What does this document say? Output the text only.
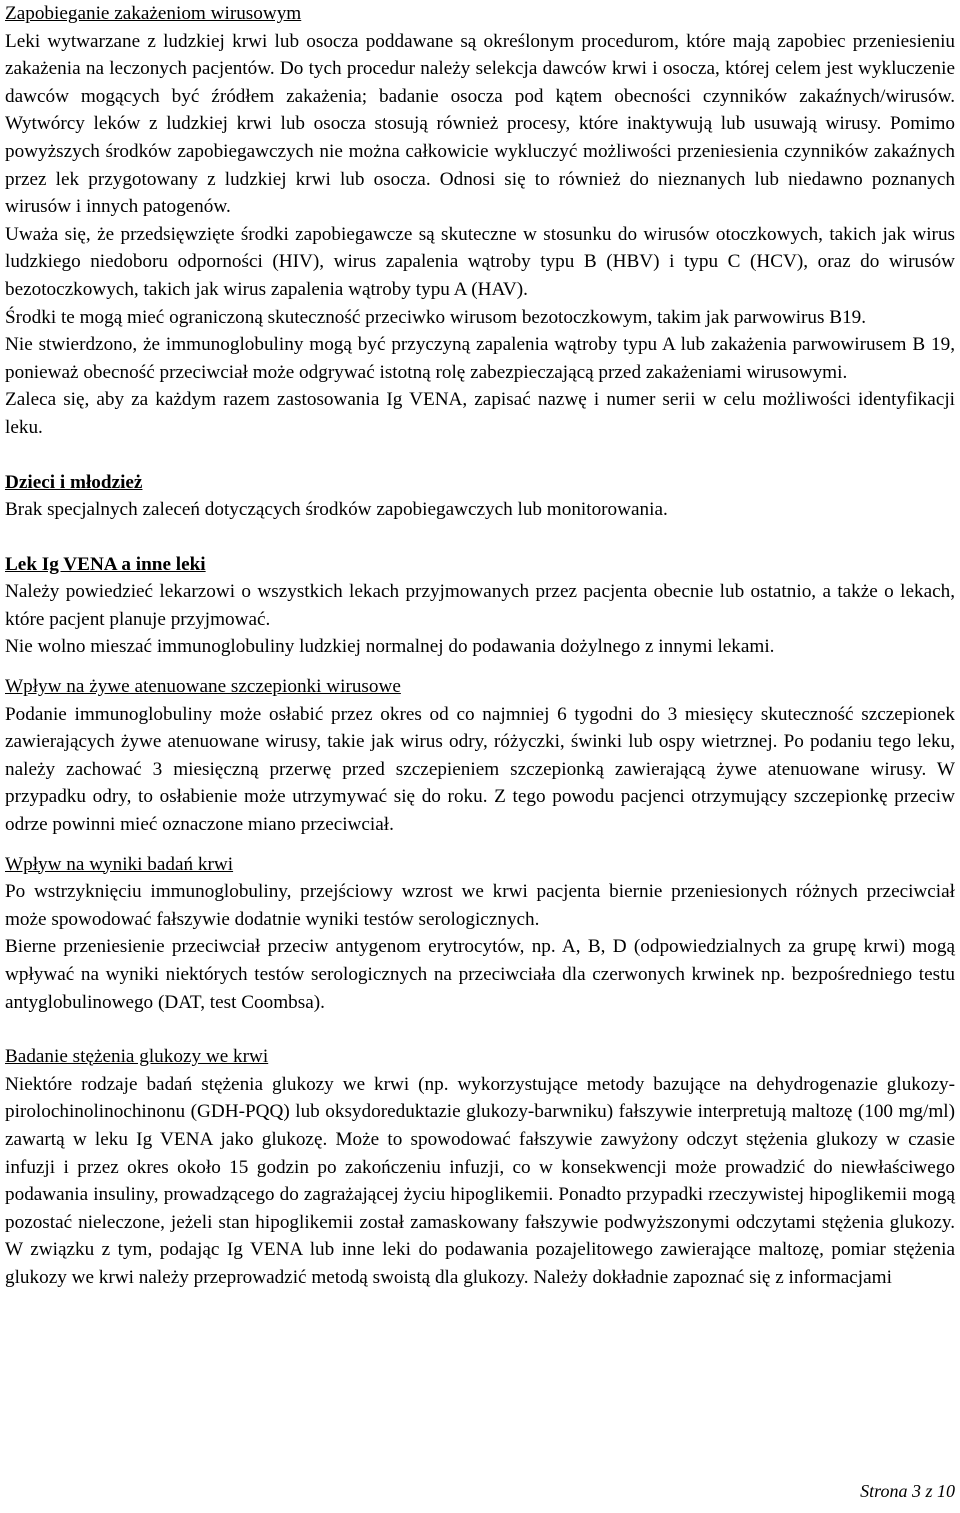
Zapobieganie zakażeniom wirusowym

Leki wytwarzane z ludzkiej krwi lub osocza poddawane są określonym procedurom, które mają zapobiec przeniesieniu zakażenia na leczonych pacjentów. Do tych procedur należy selekcja dawców krwi i osocza, której celem jest wykluczenie dawców mogących być źródłem zakażenia; badanie osocza pod kątem obecności czynników zakaźnych/wirusów. Wytwórcy leków z ludzkiej krwi lub osocza stosują również procesy, które inaktywują lub usuwają wirusy. Pomimo powyższych środków zapobiegawczych nie można całkowicie wykluczyć możliwości przeniesienia czynników zakaźnych przez lek przygotowany z ludzkiej krwi lub osocza. Odnosi się to również do nieznanych lub niedawno poznanych wirusów i innych patogenów.

Uważa się, że przedsięwzięte środki zapobiegawcze są skuteczne w stosunku do wirusów otoczkowych, takich jak wirus ludzkiego niedoboru odporności (HIV), wirus zapalenia wątroby typu B (HBV) i typu C (HCV), oraz do wirusów bezotoczkowych, takich jak wirus zapalenia wątroby typu A (HAV).

Środki te mogą mieć ograniczoną skuteczność przeciwko wirusom bezotoczkowym, takim jak parwowirus B19.

Nie stwierdzono, że immunoglobuliny mogą być przyczyną zapalenia wątroby typu A lub zakażenia parwowirusem B 19, ponieważ obecność przeciwciał może odgrywać istotną rolę zabezpieczającą przed zakażeniami wirusowymi.

Zaleca się, aby za każdym razem zastosowania Ig VENA, zapisać nazwę i numer serii w celu możliwości identyfikacji leku.

Dzieci i młodzież

Brak specjalnych zaleceń dotyczących środków zapobiegawczych lub monitorowania.

Lek Ig VENA a inne leki

Należy powiedzieć lekarzowi o wszystkich lekach przyjmowanych przez pacjenta obecnie lub ostatnio, a także o lekach, które pacjent planuje przyjmować.

Nie wolno mieszać immunoglobuliny ludzkiej normalnej do podawania dożylnego z innymi lekami.

Wpływ na żywe atenuowane szczepionki wirusowe

Podanie immunoglobuliny może osłabić przez okres od co najmniej 6 tygodni do 3 miesięcy skuteczność szczepionek zawierających żywe atenuowane wirusy, takie jak wirus odry, różyczki, świnki lub ospy wietrznej. Po podaniu tego leku, należy zachować 3 miesięczną przerwę przed szczepieniem szczepionką zawierającą żywe atenuowane wirusy. W przypadku odry, to osłabienie może utrzymywać się do roku. Z tego powodu pacjenci otrzymujący szczepionkę przeciw odrze powinni mieć oznaczone miano przeciwciał.

Wpływ na wyniki badań krwi

Po wstrzyknięciu immunoglobuliny, przejściowy wzrost we krwi pacjenta biernie przeniesionych różnych przeciwciał może spowodować fałszywie dodatnie wyniki testów serologicznych.

Bierne przeniesienie przeciwciał przeciw antygenom erytrocytów, np. A, B, D (odpowiedzialnych za grupę krwi) mogą wpływać na wyniki niektórych testów serologicznych na przeciwciała dla czerwonych krwinek np. bezpośredniego testu antyglobulinowego (DAT, test Coombsa).

Badanie stężenia glukozy we krwi

Niektóre rodzaje badań stężenia glukozy we krwi (np. wykorzystujące metody bazujące na dehydrogenazie glukozy-pirolochinolinochinonu (GDH-PQQ) lub oksydoreduktazie glukozy-barwniku) fałszywie interpretują maltozę (100 mg/ml) zawartą w leku Ig VENA jako glukozę. Może to spowodować fałszywie zawyżony odczyt stężenia glukozy w czasie infuzji i przez okres około 15 godzin po zakończeniu infuzji, co w konsekwencji może prowadzić do niewłaściwego podawania insuliny, prowadzącego do zagrażającej życiu hipoglikemii. Ponadto przypadki rzeczywistej hipoglikemii mogą pozostać nieleczone, jeżeli stan hipoglikemii został zamaskowany fałszywie podwyższonymi odczytami stężenia glukozy. W związku z tym, podając Ig VENA lub inne leki do podawania pozajelitowego zawierające maltozę, pomiar stężenia glukozy we krwi należy przeprowadzić metodą swoistą dla glukozy. Należy dokładnie zapoznać się z informacjami

Strona 3 z 10
